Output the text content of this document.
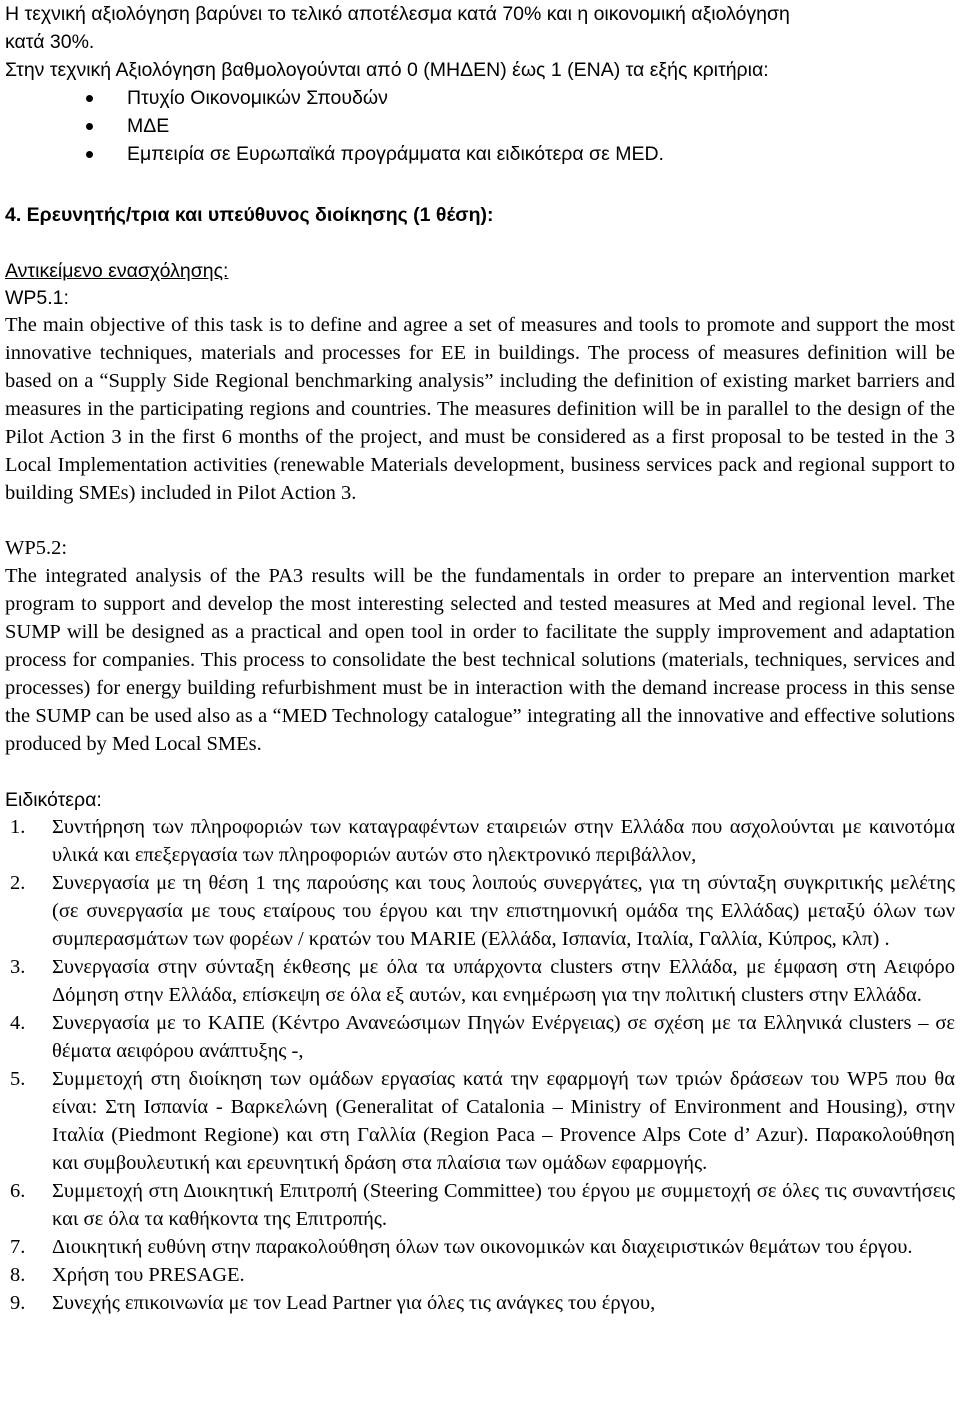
Η τεχνική αξιολόγηση βαρύνει το τελικό αποτέλεσμα κατά 70% και η οικονομική αξιολόγηση
κατά 30%.
Στην τεχνική Αξιολόγηση βαθμολογούνται από 0 (ΜΗΔΕΝ) έως 1 (ΕΝΑ) τα εξής κριτήρια:
Πτυχίο Οικονομικών Σπουδών
ΜΔΕ
Εμπειρία σε Ευρωπαϊκά προγράμματα και ειδικότερα σε MED.
4. Ερευνητής/τρια και υπεύθυνος διοίκησης (1 θέση):
Αντικείμενο ενασχόλησης:
WP5.1:

The main objective of this task is to define and agree a set of measures and tools to promote and support the most innovative techniques, materials and processes for EE in buildings. The process of measures definition will be based on a “Supply Side Regional benchmarking analysis” including the definition of existing market barriers and measures in the participating regions and countries. The measures definition will be in parallel to the design of the Pilot Action 3 in the first 6 months of the project, and must be considered as a first proposal to be tested in the 3 Local Implementation activities (renewable Materials development, business services pack and regional support to building SMEs) included in Pilot Action 3.

WP5.2:

The integrated analysis of the PA3 results will be the fundamentals in order to prepare an intervention market program to support and develop the most interesting selected and tested measures at Med and regional level. The SUMP will be designed as a practical and open tool in order to facilitate the supply improvement and adaptation process for companies. This process to consolidate the best technical solutions (materials, techniques, services and processes) for energy building refurbishment must be in interaction with the demand increase process in this sense the SUMP can be used also as a “MED Technology catalogue” integrating all the innovative and effective solutions produced by Med Local SMEs.

Ειδικότερα:
1.	Συντήρηση των πληροφοριών των καταγραφέντων εταιρειών στην Ελλάδα που ασχολούνται με καινοτόμα υλικά και επεξεργασία των πληροφοριών αυτών στο ηλεκτρονικό περιβάλλον,
2.	Συνεργασία με τη θέση 1 της παρούσης και τους λοιπούς συνεργάτες, για τη σύνταξη συγκριτικής μελέτης (σε συνεργασία με τους εταίρους του έργου και την επιστημονική ομάδα της Ελλάδας) μεταξύ όλων των συμπερασμάτων των φορέων / κρατών του MARIE (Ελλάδα, Ισπανία, Ιταλία, Γαλλία, Κύπρος, κλπ) .
3.	Συνεργασία στην σύνταξη έκθεσης με όλα τα υπάρχοντα clusters στην Ελλάδα, με έμφαση στη Αειφόρο Δόμηση στην Ελλάδα, επίσκεψη σε όλα εξ αυτών, και ενημέρωση για την πολιτική clusters στην Ελλάδα.
4.	Συνεργασία με το ΚΑΠΕ (Κέντρο Ανανεώσιμων Πηγών Ενέργειας) σε σχέση με τα Ελληνικά clusters – σε θέματα αειφόρου ανάπτυξης -,
5.	Συμμετοχή στη διοίκηση των ομάδων εργασίας κατά την εφαρμογή των τριών δράσεων του WP5 που θα είναι: Στη Ισπανία - Βαρκελώνη (Generalitat of Catalonia – Ministry of Environment and Housing), στην Ιταλία (Piedmont Regione) και στη Γαλλία (Region Paca – Provence Alps Cote d’ Azur). Παρακολούθηση και συμβουλευτική και ερευνητική δράση στα πλαίσια των ομάδων εφαρμογής.
6.	Συμμετοχή στη Διοικητική Επιτροπή (Steering Committee) του έργου με συμμετοχή σε όλες τις συναντήσεις και σε όλα τα καθήκοντα της Επιτροπής.
7.	Διοικητική ευθύνη στην παρακολούθηση όλων των οικονομικών και διαχειριστικών θεμάτων του έργου.
8.	Χρήση του PRESAGE.
9.	Συνεχής επικοινωνία με τον Lead Partner για όλες τις ανάγκες του έργου,
